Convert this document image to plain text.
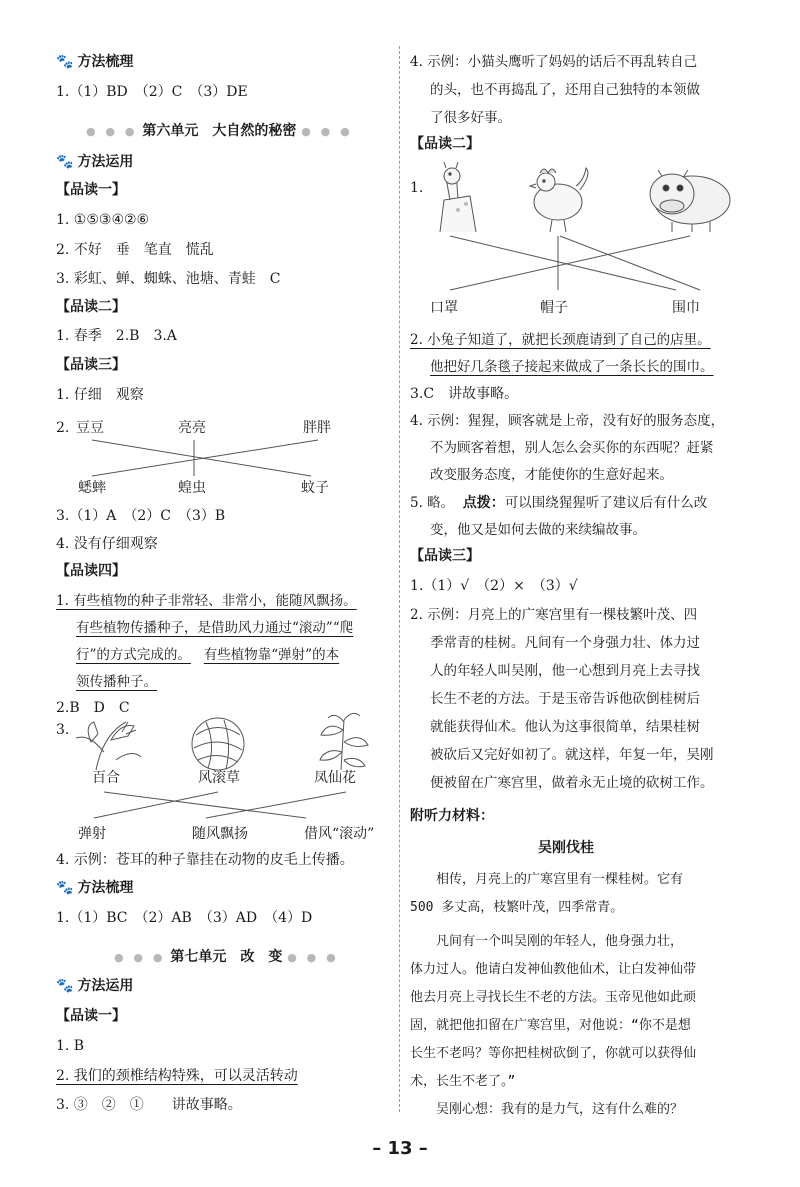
🐾 方法梳理
1.（1）BD　（2）C　（3）DE
● ● ● 第六单元　大自然的秘密 ● ● ●
🐾 方法运用
【品读一】
1. ①⑤③④②⑥
2. 不好　垂　笔直　慌乱
3. 彩虹、蝉、蜘蛛、池塘、青蛙　C
【品读二】
1. 春季　2.B　3.A
【品读三】
1. 仔细　观察
2. 豆豆	亮亮	胖胖
蟋蟀	蝗虫	蚊子
3.（1）A　（2）C　（3）B
4. 没有仔细观察
【品读四】
1. 有些植物的种子非常轻、非常小，能随风飘扬。
有些植物传播种子，是借助风力通过“滚动”“爬
行”的方式完成的。 有些植物靠“弹射”的本
领传播种子。
2.B　D　C
3.
百合	风滚草	凤仙花
弹射	随风飘扬	借风“滚动”
4. 示例：苍耳的种子靠挂在动物的皮毛上传播。
🐾 方法梳理
1.（1）BC　（2）AB　（3）AD　（4）D
● ● ● 第七单元　改　变 ● ● ●
🐾 方法运用
【品读一】
1. B
2. 我们的颈椎结构特殊，可以灵活转动
3. ③　②　①　　讲故事略。
4. 示例：小猫头鹰听了妈妈的话后不再乱转自己
的头，也不再捣乱了，还用自己独特的本领做
了很多好事。
【品读二】
1.
口罩	帽子	围巾
2. 小兔子知道了，就把长颈鹿请到了自己的店里。
他把好几条毯子接起来做成了一条长长的围巾。
3.C　讲故事略。
4. 示例：猩猩，顾客就是上帝，没有好的服务态度，
不为顾客着想，别人怎么会买你的东西呢？赶紧
改变服务态度，才能使你的生意好起来。
5. 略。 点拨：可以围绕猩猩听了建议后有什么改
变，他又是如何去做的来续编故事。
【品读三】
1.（1）√　（2）×　（3）√
2. 示例：月亮上的广寒宫里有一棵枝繁叶茂、四
季常青的桂树。凡间有一个身强力壮、体力过
人的年轻人叫吴刚，他一心想到月亮上去寻找
长生不老的方法。于是玉帝告诉他砍倒桂树后
就能获得仙术。他认为这事很简单，结果桂树
被砍后又完好如初了。就这样，年复一年，吴刚
便被留在广寒宫里，做着永无止境的砍树工作。
附听力材料：
吴刚伐桂
相传，月亮上的广寒宫里有一棵桂树。它有
500 多丈高，枝繁叶茂，四季常青。
凡间有一个叫吴刚的年轻人，他身强力壮，
体力过人。他请白发神仙教他仙术，让白发神仙带
他去月亮上寻找长生不老的方法。玉帝见他如此顽
固，就把他扣留在广寒宫里，对他说：“你不是想
长生不老吗？等你把桂树砍倒了，你就可以获得仙
术，长生不老了。”
吴刚心想：我有的是力气，这有什么难的？
– 13 –
